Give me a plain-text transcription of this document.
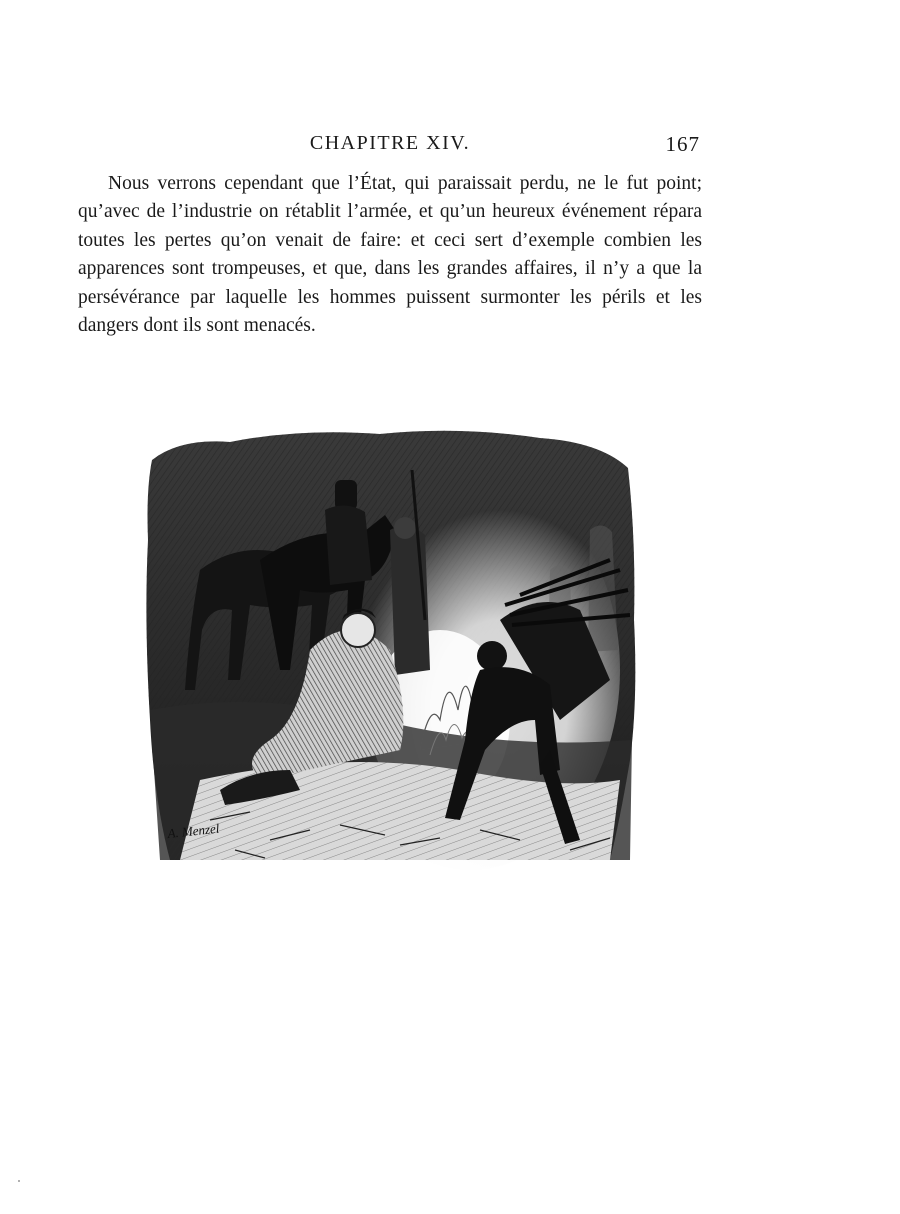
CHAPITRE XIV.	167

Nous verrons cependant que l’État, qui paraissait perdu, ne le fut point; qu’avec de l’industrie on rétablit l’armée, et qu’un heureux événement répara toutes les pertes qu’on venait de faire: et ceci sert d’exemple combien les apparences sont trompeuses, et que, dans les grandes affaires, il n’y a que la persévérance par laquelle les hommes puissent surmonter les périls et les dangers dont ils sont menacés.

A. Menzel
